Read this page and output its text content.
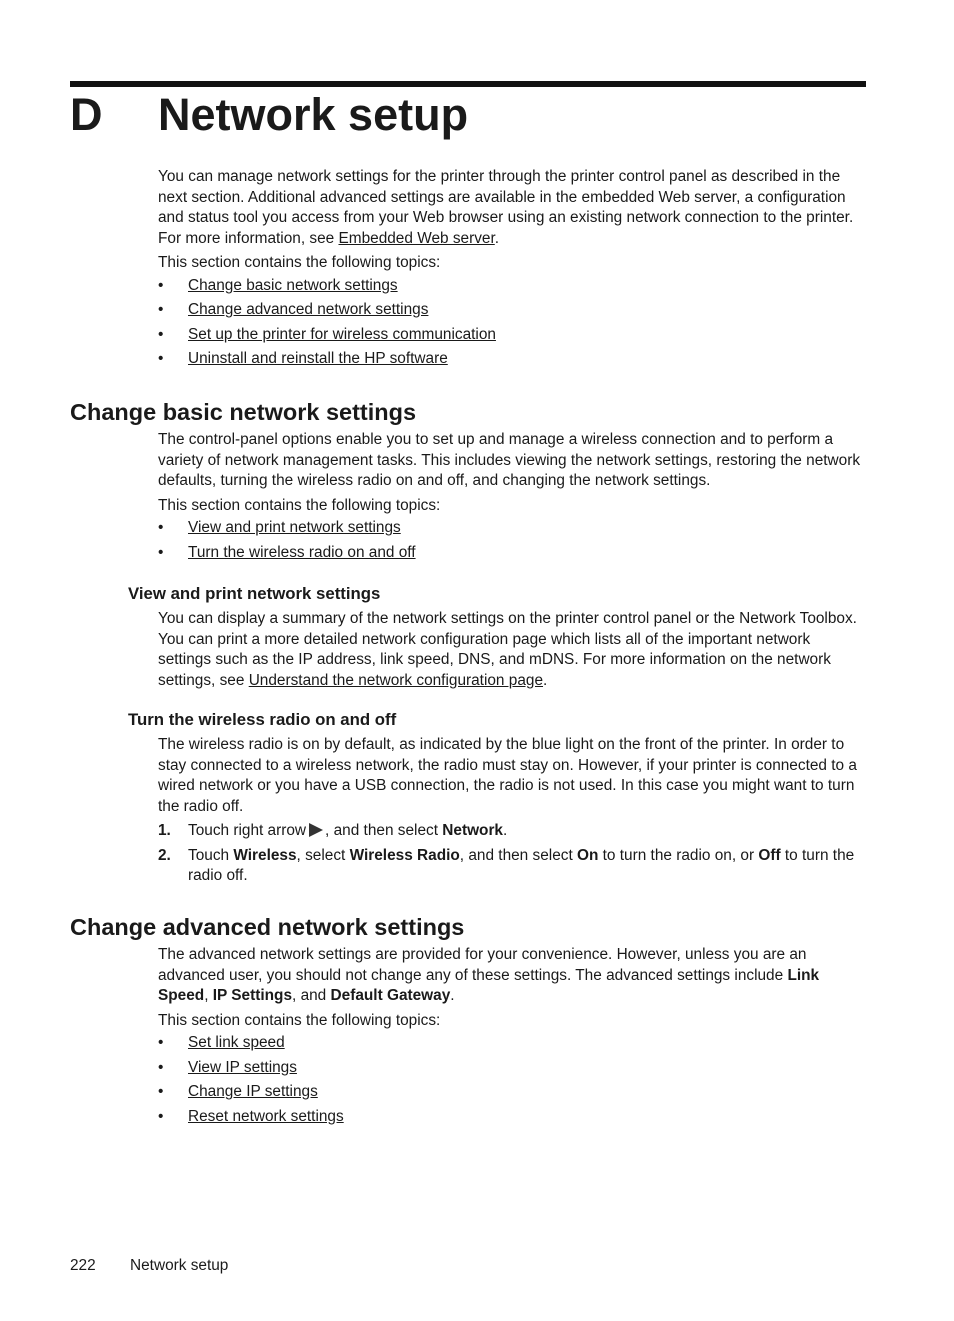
D Network setup

You can manage network settings for the printer through the printer control panel as described in the next section. Additional advanced settings are available in the embedded Web server, a configuration and status tool you access from your Web browser using an existing network connection to the printer. For more information, see Embedded Web server.

This section contains the following topics:

• Change basic network settings
• Change advanced network settings
• Set up the printer for wireless communication
• Uninstall and reinstall the HP software
Change basic network settings

The control-panel options enable you to set up and manage a wireless connection and to perform a variety of network management tasks. This includes viewing the network settings, restoring the network defaults, turning the wireless radio on and off, and changing the network settings.

This section contains the following topics:

• View and print network settings
• Turn the wireless radio on and off
View and print network settings

You can display a summary of the network settings on the printer control panel or the Network Toolbox. You can print a more detailed network configuration page which lists all of the important network settings such as the IP address, link speed, DNS, and mDNS. For more information on the network settings, see Understand the network configuration page.

Turn the wireless radio on and off

The wireless radio is on by default, as indicated by the blue light on the front of the printer. In order to stay connected to a wireless network, the radio must stay on. However, if your printer is connected to a wired network or you have a USB connection, the radio is not used. In this case you might want to turn the radio off.

1. Touch right arrow , and then select Network.
2. Touch Wireless, select Wireless Radio, and then select On to turn the radio on, or Off to turn the radio off.
Change advanced network settings

The advanced network settings are provided for your convenience. However, unless you are an advanced user, you should not change any of these settings. The advanced settings include Link Speed, IP Settings, and Default Gateway.

This section contains the following topics:

• Set link speed
• View IP settings
• Change IP settings
• Reset network settings
222 Network setup
